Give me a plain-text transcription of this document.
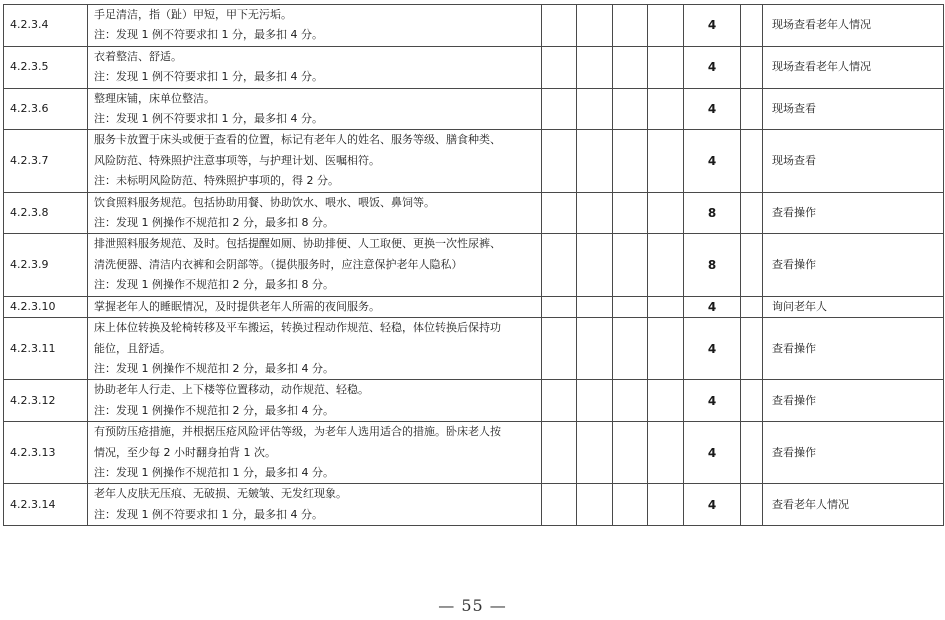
4.2.3.4	手足清洁，指（趾）甲短，甲下无污垢。
注：发现 1 例不符要求扣 1 分，最多扣 4 分。					4		现场查看老年人情况
4.2.3.5	衣着整洁、舒适。
注：发现 1 例不符要求扣 1 分，最多扣 4 分。					4		现场查看老年人情况
4.2.3.6	整理床铺，床单位整洁。
注：发现 1 例不符要求扣 1 分，最多扣 4 分。					4		现场查看
4.2.3.7	服务卡放置于床头或便于查看的位置，标记有老年人的姓名、服务等级、膳食种类、
风险防范、特殊照护注意事项等，与护理计划、医嘱相符。
注：未标明风险防范、特殊照护事项的，得 2 分。					4		现场查看
4.2.3.8	饮食照料服务规范。包括协助用餐、协助饮水、喂水、喂饭、鼻饲等。
注：发现 1 例操作不规范扣 2 分，最多扣 8 分。					8		查看操作
4.2.3.9	排泄照料服务规范、及时。包括提醒如厕、协助排便、人工取便、更换一次性尿裤、
清洗便器、清洁内衣裤和会阴部等。（提供服务时，应注意保护老年人隐私）
注：发现 1 例操作不规范扣 2 分，最多扣 8 分。					8		查看操作
4.2.3.10	掌握老年人的睡眠情况，及时提供老年人所需的夜间服务。					4		询问老年人
4.2.3.11	床上体位转换及轮椅转移及平车搬运，转换过程动作规范、轻稳，体位转换后保持功
能位，且舒适。
注：发现 1 例操作不规范扣 2 分，最多扣 4 分。					4		查看操作
4.2.3.12	协助老年人行走、上下楼等位置移动，动作规范、轻稳。
注：发现 1 例操作不规范扣 2 分，最多扣 4 分。					4		查看操作
4.2.3.13	有预防压疮措施，并根据压疮风险评估等级，为老年人选用适合的措施。卧床老人按
情况，至少每 2 小时翻身拍背 1 次。
注：发现 1 例操作不规范扣 1 分，最多扣 4 分。					4		查看操作
4.2.3.14	老年人皮肤无压痕、无破损、无皴皱、无发红现象。
注：发现 1 例不符要求扣 1 分，最多扣 4 分。					4		查看老年人情况
— 55 —
